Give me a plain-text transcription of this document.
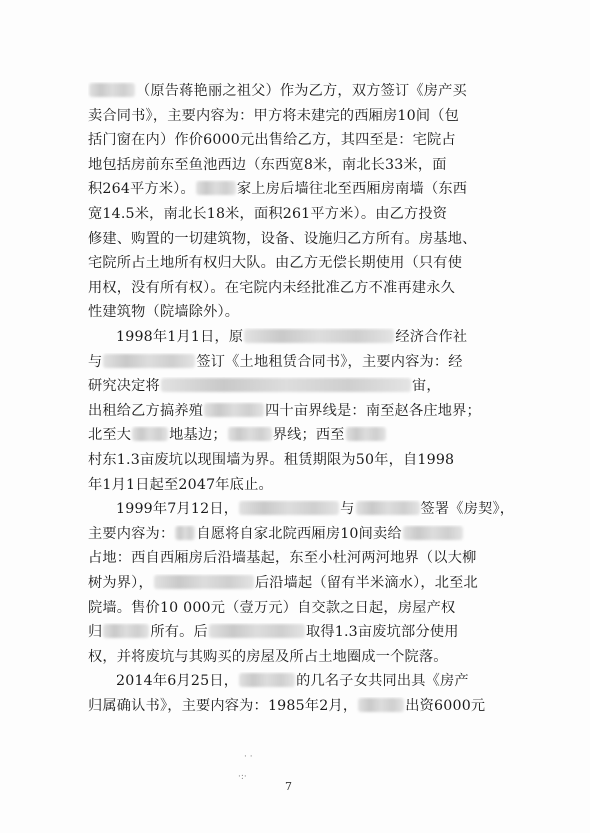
（原告蒋艳丽之祖父）作为乙方，双方签订《房产买
卖合同书》，主要内容为：甲方将未建完的西厢房10间（包
括门窗在内）作价6000元出售给乙方，其四至是：宅院占
地包括房前东至鱼池西边（东西宽8米，南北长33米，面
积264平方米）。	家上房后墙往北至西厢房南墙（东西
宽14.5米，南北长18米，面积261平方米）。由乙方投资
修建、购置的一切建筑物，设备、设施归乙方所有。房基地、
宅院所占土地所有权归大队。由乙方无偿长期使用（只有使
用权，没有所有权）。在宅院内未经批准乙方不准再建永久
性建筑物（院墙除外）。
1998年1月1日，原	经济合作社
与	签订《土地租赁合同书》，主要内容为：经
研究决定将	宙，
出租给乙方搞养殖	四十亩界线是：南至赵各庄地界；
北至大	地基边；	界线；西至
村东1.3亩废坑以现围墙为界。租赁期限为50年，自1998
年1月1日起至2047年底止。
1999年7月12日，	与	签署《房契》，
主要内容为： 自愿将自家北院西厢房10间卖给
占地：西自西厢房后沿墙基起，东至小杜河两河地界（以大柳
树为界），	后沿墙起（留有半米滴水），北至北
院墙。售价10 000元（壹万元）自交款之日起，房屋产权
归	所有。后	取得1.3亩废坑部分使用
权，并将废坑与其购买的房屋及所占土地圈成一个院落。
2014年6月25日，	的几名子女共同出具《房产
归属确认书》，主要内容为：1985年2月，	出资6000元
· ·
·:·
7
